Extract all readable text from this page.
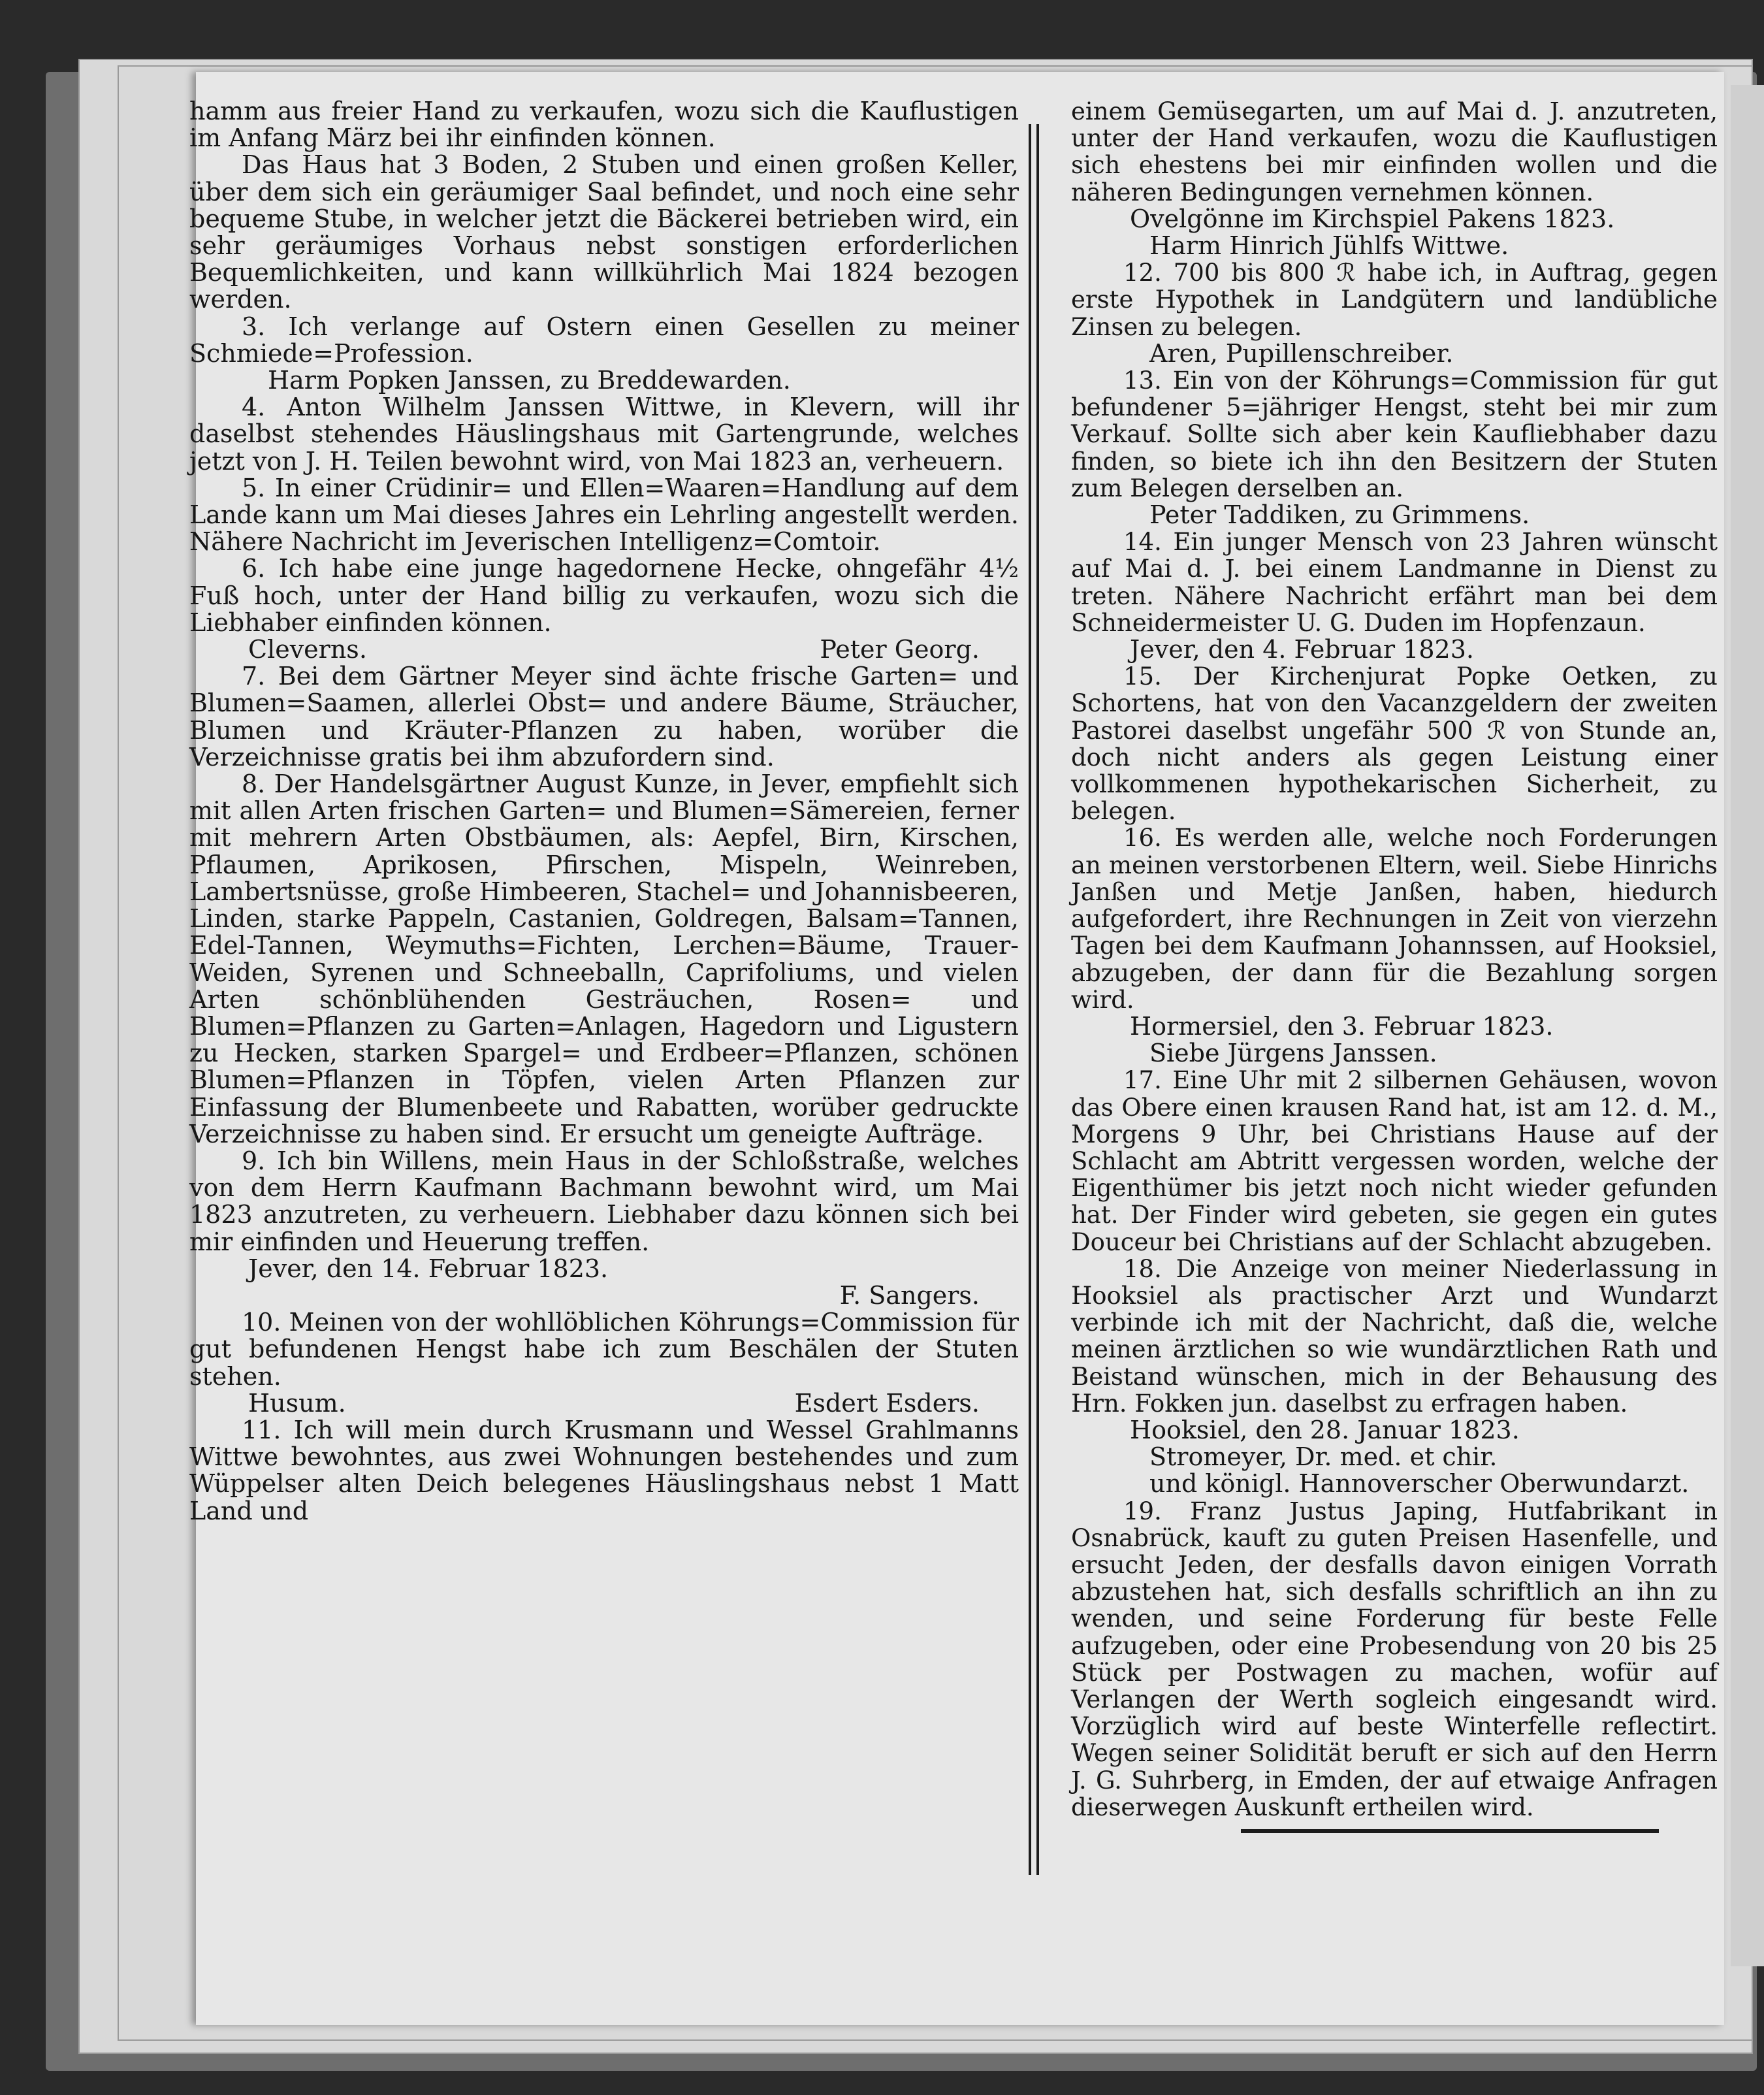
hamm aus freier Hand zu verkaufen, wozu sich die Kauflustigen im Anfang März bei ihr einfinden können.

Das Haus hat 3 Boden, 2 Stuben und einen großen Keller, über dem sich ein geräumiger Saal befindet, und noch eine sehr bequeme Stube, in welcher jetzt die Bäckerei betrieben wird, ein sehr geräumiges Vorhaus nebst sonstigen erforderlichen Bequemlichkeiten, und kann willkührlich Mai 1824 bezogen werden.

3. Ich verlange auf Ostern einen Gesellen zu meiner Schmiede=Profession.

Harm Popken Janssen, zu Breddewarden.

4. Anton Wilhelm Janssen Wittwe, in Klevern, will ihr daselbst stehendes Häuslingshaus mit Gartengrunde, welches jetzt von J. H. Teilen bewohnt wird, von Mai 1823 an, verheuern.

5. In einer Crüdinir= und Ellen=Waaren=Handlung auf dem Lande kann um Mai dieses Jahres ein Lehrling angestellt werden. Nähere Nachricht im Jeverischen Intelligenz=Comtoir.

6. Ich habe eine junge hagedornene Hecke, ohngefähr 4½ Fuß hoch, unter der Hand billig zu verkaufen, wozu sich die Liebhaber einfinden können.

Cleverns.	Peter Georg.

7. Bei dem Gärtner Meyer sind ächte frische Garten= und Blumen=Saamen, allerlei Obst= und andere Bäume, Sträucher, Blumen und Kräuter-Pflanzen zu haben, worüber die Verzeichnisse gratis bei ihm abzufordern sind.

8. Der Handelsgärtner August Kunze, in Jever, empfiehlt sich mit allen Arten frischen Garten= und Blumen=Sämereien, ferner mit mehrern Arten Obstbäumen, als: Aepfel, Birn, Kirschen, Pflaumen, Aprikosen, Pfirschen, Mispeln, Weinreben, Lambertsnüsse, große Himbeeren, Stachel= und Johannisbeeren, Linden, starke Pappeln, Castanien, Goldregen, Balsam=Tannen, Edel-Tannen, Weymuths=Fichten, Lerchen=Bäume, Trauer-Weiden, Syrenen und Schneeballn, Caprifoliums, und vielen Arten schönblühenden Gesträuchen, Rosen= und Blumen=Pflanzen zu Garten=Anlagen, Hagedorn und Ligustern zu Hecken, starken Spargel= und Erdbeer=Pflanzen, schönen Blumen=Pflanzen in Töpfen, vielen Arten Pflanzen zur Einfassung der Blumenbeete und Rabatten, worüber gedruckte Verzeichnisse zu haben sind. Er ersucht um geneigte Aufträge.

9. Ich bin Willens, mein Haus in der Schloßstraße, welches von dem Herrn Kaufmann Bachmann bewohnt wird, um Mai 1823 anzutreten, zu verheuern. Liebhaber dazu können sich bei mir einfinden und Heuerung treffen.

Jever, den 14. Februar 1823.

F. Sangers.

10. Meinen von der wohllöblichen Köhrungs=Commission für gut befundenen Hengst habe ich zum Beschälen der Stuten stehen.

Husum.	Esdert Esders.

11. Ich will mein durch Krusmann und Wessel Grahlmanns Wittwe bewohntes, aus zwei Wohnungen bestehendes und zum Wüppelser alten Deich belegenes Häuslingshaus nebst 1 Matt Land und

einem Gemüsegarten, um auf Mai d. J. anzutreten, unter der Hand verkaufen, wozu die Kauflustigen sich ehestens bei mir einfinden wollen und die näheren Bedingungen vernehmen können.

Ovelgönne im Kirchspiel Pakens 1823.

Harm Hinrich Jühlfs Wittwe.

12. 700 bis 800 ℛ habe ich, in Auftrag, gegen erste Hypothek in Landgütern und landübliche Zinsen zu belegen.

Aren, Pupillenschreiber.

13. Ein von der Köhrungs=Commission für gut befundener 5=jähriger Hengst, steht bei mir zum Verkauf. Sollte sich aber kein Kaufliebhaber dazu finden, so biete ich ihn den Besitzern der Stuten zum Belegen derselben an.

Peter Taddiken, zu Grimmens.

14. Ein junger Mensch von 23 Jahren wünscht auf Mai d. J. bei einem Landmanne in Dienst zu treten. Nähere Nachricht erfährt man bei dem Schneidermeister U. G. Duden im Hopfenzaun.

Jever, den 4. Februar 1823.

15. Der Kirchenjurat Popke Oetken, zu Schortens, hat von den Vacanzgeldern der zweiten Pastorei daselbst ungefähr 500 ℛ von Stunde an, doch nicht anders als gegen Leistung einer vollkommenen hypothekarischen Sicherheit, zu belegen.

16. Es werden alle, welche noch Forderungen an meinen verstorbenen Eltern, weil. Siebe Hinrichs Janßen und Metje Janßen, haben, hiedurch aufgefordert, ihre Rechnungen in Zeit von vierzehn Tagen bei dem Kaufmann Johannssen, auf Hooksiel, abzugeben, der dann für die Bezahlung sorgen wird.

Hormersiel, den 3. Februar 1823.

Siebe Jürgens Janssen.

17. Eine Uhr mit 2 silbernen Gehäusen, wovon das Obere einen krausen Rand hat, ist am 12. d. M., Morgens 9 Uhr, bei Christians Hause auf der Schlacht am Abtritt vergessen worden, welche der Eigenthümer bis jetzt noch nicht wieder gefunden hat. Der Finder wird gebeten, sie gegen ein gutes Douceur bei Christians auf der Schlacht abzugeben.

18. Die Anzeige von meiner Niederlassung in Hooksiel als practischer Arzt und Wundarzt verbinde ich mit der Nachricht, daß die, welche meinen ärztlichen so wie wundärztlichen Rath und Beistand wünschen, mich in der Behausung des Hrn. Fokken jun. daselbst zu erfragen haben.

Hooksiel, den 28. Januar 1823.

Stromeyer, Dr. med. et chir.

und königl. Hannoverscher Oberwundarzt.

19. Franz Justus Japing, Hutfabrikant in Osnabrück, kauft zu guten Preisen Hasenfelle, und ersucht Jeden, der desfalls davon einigen Vorrath abzustehen hat, sich desfalls schriftlich an ihn zu wenden, und seine Forderung für beste Felle aufzugeben, oder eine Probesendung von 20 bis 25 Stück per Postwagen zu machen, wofür auf Verlangen der Werth sogleich eingesandt wird. Vorzüglich wird auf beste Winterfelle reflectirt. Wegen seiner Solidität beruft er sich auf den Herrn J. G. Suhrberg, in Emden, der auf etwaige Anfragen dieserwegen Auskunft ertheilen wird.
